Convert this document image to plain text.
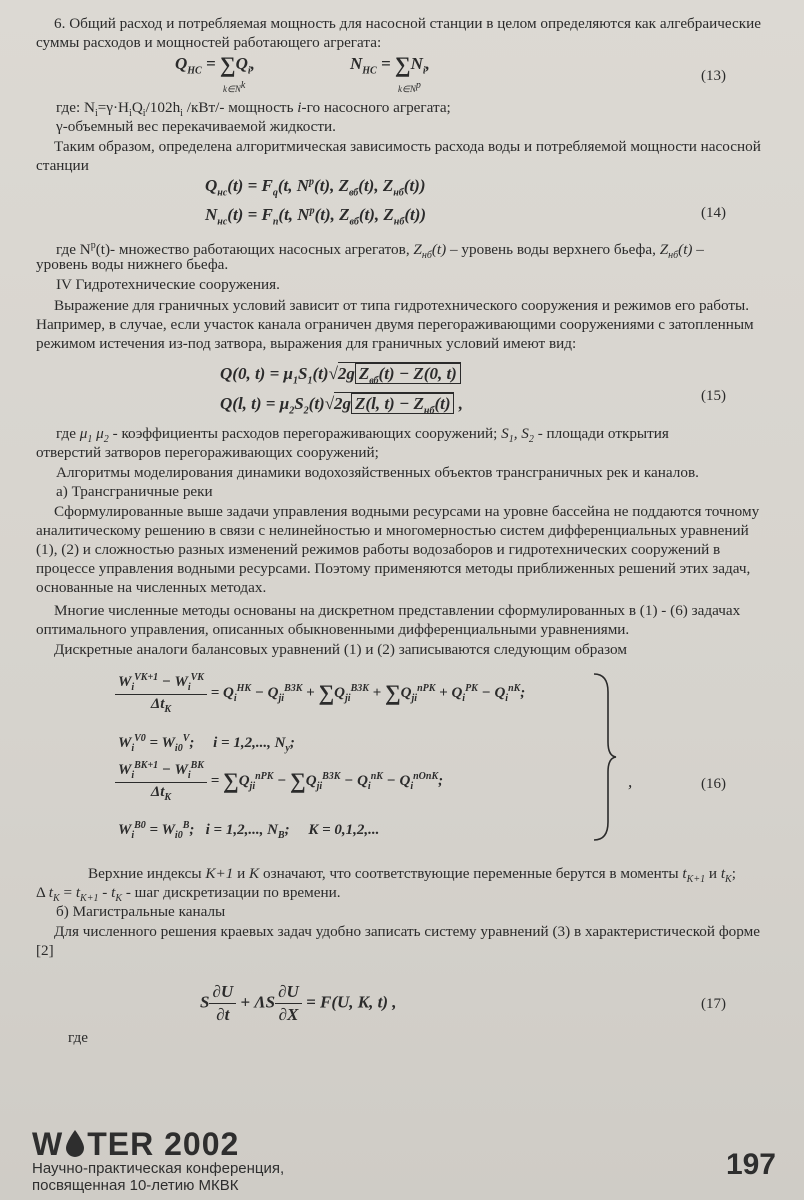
6. Общий расход и потребляемая мощность для насосной станции в целом определяются как алгебраические суммы расходов и мощностей работающего агрегата:

$Q_{HC} = \sum Q_i$,
$k\in N^k$
$N_{HC} = \sum N_i$,
$k\in N^p$
(13)

где: $N_i=\gamma\cdot H_iQ_i/102h_i$ /кВт/- мощность i-го насосного агрегата;

γ-объемный вес перекачиваемой жидкости.

Таким образом, определена алгоритмическая зависимость расхода воды и потребляемой мощности насосной станции

$Q_{нс}(t) = F_q(t$, $N^p(t)$, $Z_{вб}(t)$, $Z_{нб}(t)$)
$N_{нс}(t) = F_n(t$, $N^p(t)$, $Z_{вб}(t)$, $Z_{нб}(t)$)	(14)

где $N^p(t)-$ множество работающих насосных агрегатов, $Z_{нб}(t)$ – уровень воды верхнего бьефа, $Z_{нб}(t)$ –

уровень воды нижнего бьефа.

IV Гидротехнические сооружения.

Выражение для граничных условий зависит от типа гидротехнического сооружения и режимов его работы. Например, в случае, если участок канала ограничен двумя перегораживающими сооружениями с затопленным режимом истечения из-под затвора, выражения для граничных условий имеют вид:

Q(0, $t) = \mu_1S_1(t)√2g$ $Z_{вб}(t) - Z(0$, t)
Q(l, $t) = \mu_2S_2(t)√2g$ Z(l, $t) - Z_{нб}(t)$ ,	(15)

где $\mu_1$ $\mu_2$ - коэффициенты расходов перегораживающих сооружений; $S_1$, $S_2$ - площади открытия

отверстий затворов перегораживающих сооружений;

Алгоритмы моделирования динамики водохозяйственных объектов трансграничных рек и каналов.

а) Трансграничные реки

Сформулированные выше задачи управления водными ресурсами на уровне бассейна не поддаются точному аналитическому решению в связи с нелинейностью и многомерностью систем дифференциальных уравнений (1), (2) и сложностью разных изменений режимов работы водозаборов и гидротехнических сооружений в процессе управления водными ресурсами. Поэтому применяются методы приближенных решений этих задач, основанные на численных методах.

Многие численные методы основаны на дискретном представлении сформулированных в (1) - (6) задачах оптимального управления, описанных обыкновенными дифференциальными уравнениями.

Дискретные аналоги балансовых уравнений (1) и (2) записываются следующим образом

$\frac{W_i^{VK+1} - W_i^{VK}}{\Delta t_K} = Q_i^{HK} - Q_{ji}^{B3K} + \sum Q_{ji}^{B3K} + \sum Q_{ji}^{nPK} + Q_i^{PK} - Q_i^{nK}$;
$W_i^{V0} = W_{i0}^V$;     i = 1,2,..., $N_y$;
$\frac{W_i^{BK+1} - W_i^{BK}}{\Delta t_K} = \sum Q_{ji}^{nPK} - \sum Q_{ji}^{B3K} - Q_i^{nK} - Q_i^{nOnK}$;
$W_i^{B0} = W_{i0}^B$;   i = 1,2,..., $N_B$;     K = 0,1,2,...
,	(16)

Верхние индексы K+1 и K означают, что соответствующие переменные берутся в моменты $t_{K+1}$ и $t_K$;

Δ $t_K = t_{K+1} - t_K$ - шаг дискретизации по времени.

б) Магистральные каналы

Для численного решения краевых задач удобно записать систему уравнений (3) в характеристической форме [2]

S $\frac{\partial U}{\partial t} + \Lambda S \frac{\partial U}{\partial X} = F(U$, K, t) ,	(17)

где

W TER 2002
Научно-практическая конференция,
посвященная 10-летию МКВК
197
